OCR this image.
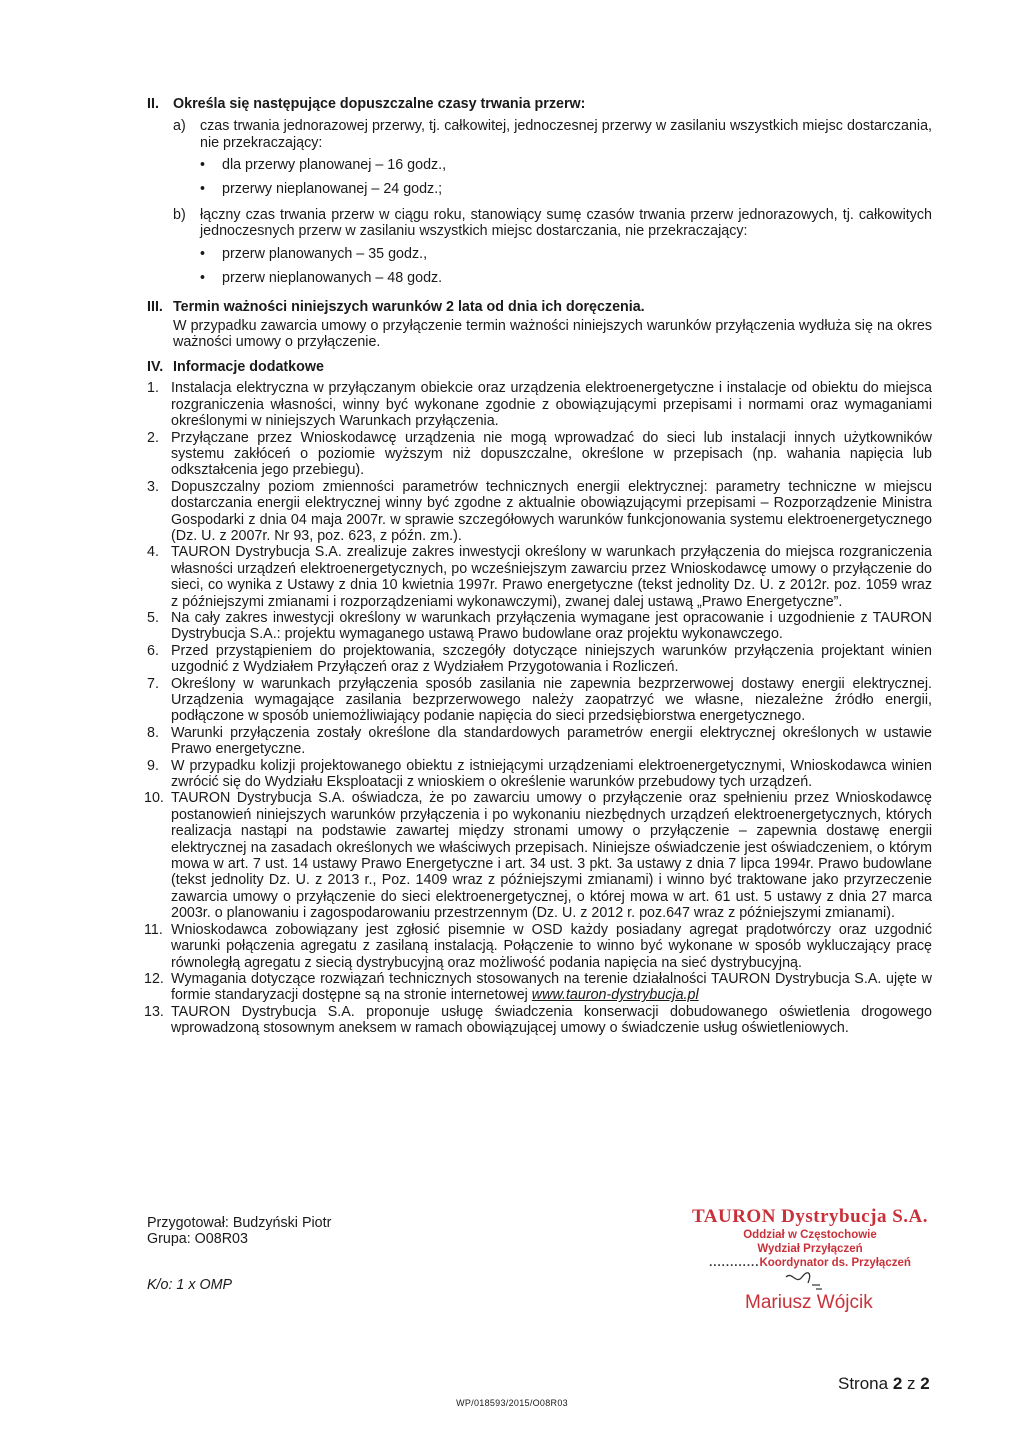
II. Określa się następujące dopuszczalne czasy trwania przerw:
a) czas trwania jednorazowej przerwy, tj. całkowitej, jednoczesnej przerwy w zasilaniu wszystkich miejsc dostarczania, nie przekraczający:
• dla przerwy planowanej – 16 godz.,
• przerwy nieplanowanej – 24 godz.;
b) łączny czas trwania przerw w ciągu roku, stanowiący sumę czasów trwania przerw jednorazowych, tj. całkowitych jednoczesnych przerw w zasilaniu wszystkich miejsc dostarczania, nie przekraczający:
• przerw planowanych – 35 godz.,
• przerw nieplanowanych – 48 godz.
III. Termin ważności niniejszych warunków 2 lata od dnia ich doręczenia.
W przypadku zawarcia umowy o przyłączenie termin ważności niniejszych warunków przyłączenia wydłuża się na okres ważności umowy o przyłączenie.
IV. Informacje dodatkowe
1. Instalacja elektryczna w przyłączanym obiekcie oraz urządzenia elektroenergetyczne i instalacje od obiektu do miejsca rozgraniczenia własności, winny być wykonane zgodnie z obowiązującymi przepisami i normami oraz wymaganiami określonymi w niniejszych Warunkach przyłączenia.
2. Przyłączane przez Wnioskodawcę urządzenia nie mogą wprowadzać do sieci lub instalacji innych użytkowników systemu zakłóceń o poziomie wyższym niż dopuszczalne, określone w przepisach (np. wahania napięcia lub odkształcenia jego przebiegu).
3. Dopuszczalny poziom zmienności parametrów technicznych energii elektrycznej: parametry techniczne w miejscu dostarczania energii elektrycznej winny być zgodne z aktualnie obowiązującymi przepisami – Rozporządzenie Ministra Gospodarki z dnia 04 maja 2007r. w sprawie szczegółowych warunków funkcjonowania systemu elektroenergetycznego (Dz. U. z 2007r. Nr 93, poz. 623, z późn. zm.).
4. TAURON Dystrybucja S.A. zrealizuje zakres inwestycji określony w warunkach przyłączenia do miejsca rozgraniczenia własności urządzeń elektroenergetycznych, po wcześniejszym zawarciu przez Wnioskodawcę umowy o przyłączenie do sieci, co wynika z Ustawy z dnia 10 kwietnia 1997r. Prawo energetyczne (tekst jednolity Dz. U. z 2012r. poz. 1059 wraz z późniejszymi zmianami i rozporządzeniami wykonawczymi), zwanej dalej ustawą „Prawo Energetyczne”.
5. Na cały zakres inwestycji określony w warunkach przyłączenia wymagane jest opracowanie i uzgodnienie z TAURON Dystrybucja S.A.: projektu wymaganego ustawą Prawo budowlane oraz projektu wykonawczego.
6. Przed przystąpieniem do projektowania, szczegóły dotyczące niniejszych warunków przyłączenia projektant winien uzgodnić z Wydziałem Przyłączeń oraz z Wydziałem Przygotowania i Rozliczeń.
7. Określony w warunkach przyłączenia sposób zasilania nie zapewnia bezprzerwowej dostawy energii elektrycznej. Urządzenia wymagające zasilania bezprzerwowego należy zaopatrzyć we własne, niezależne źródło energii, podłączone w sposób uniemożliwiający podanie napięcia do sieci przedsiębiorstwa energetycznego.
8. Warunki przyłączenia zostały określone dla standardowych parametrów energii elektrycznej określonych w ustawie Prawo energetyczne.
9. W przypadku kolizji projektowanego obiektu z istniejącymi urządzeniami elektroenergetycznymi, Wnioskodawca winien zwrócić się do Wydziału Eksploatacji z wnioskiem o określenie warunków przebudowy tych urządzeń.
10. TAURON Dystrybucja S.A. oświadcza, że po zawarciu umowy o przyłączenie oraz spełnieniu przez Wnioskodawcę postanowień niniejszych warunków przyłączenia i po wykonaniu niezbędnych urządzeń elektroenergetycznych, których realizacja nastąpi na podstawie zawartej między stronami umowy o przyłączenie – zapewnia dostawę energii elektrycznej na zasadach określonych we właściwych przepisach. Niniejsze oświadczenie jest oświadczeniem, o którym mowa w art. 7 ust. 14 ustawy Prawo Energetyczne i art. 34 ust. 3 pkt. 3a ustawy z dnia 7 lipca 1994r. Prawo budowlane (tekst jednolity Dz. U. z 2013 r., Poz. 1409 wraz z późniejszymi zmianami) i winno być traktowane jako przyrzeczenie zawarcia umowy o przyłączenie do sieci elektroenergetycznej, o której mowa w art. 61 ust. 5 ustawy z dnia 27 marca 2003r. o planowaniu i zagospodarowaniu przestrzennym (Dz. U. z 2012 r. poz.647 wraz z późniejszymi zmianami).
11. Wnioskodawca zobowiązany jest zgłosić pisemnie w OSD każdy posiadany agregat prądotwórczy oraz uzgodnić warunki połączenia agregatu z zasilaną instalacją. Połączenie to winno być wykonane w sposób wykluczający pracę równoległą agregatu z siecią dystrybucyjną oraz możliwość podania napięcia na sieć dystrybucyjną.
12. Wymagania dotyczące rozwiązań technicznych stosowanych na terenie działalności TAURON Dystrybucja S.A. ujęte w formie standaryzacji dostępne są na stronie internetowej www.tauron-dystrybucja.pl
13. TAURON Dystrybucja S.A. proponuje usługę świadczenia konserwacji dobudowanego oświetlenia drogowego wprowadzoną stosownym aneksem w ramach obowiązującej umowy o świadczenie usług oświetleniowych.
Przygotował: Budzyński Piotr
Grupa: O08R03
K/o: 1 x OMP
TAURON Dystrybucja S.A.
Oddział w Częstochowie
Wydział Przyłączeń
............Koordynator ds. Przyłączeń
Mariusz Wójcik
Strona 2 z 2
WP/018593/2015/O08R03
